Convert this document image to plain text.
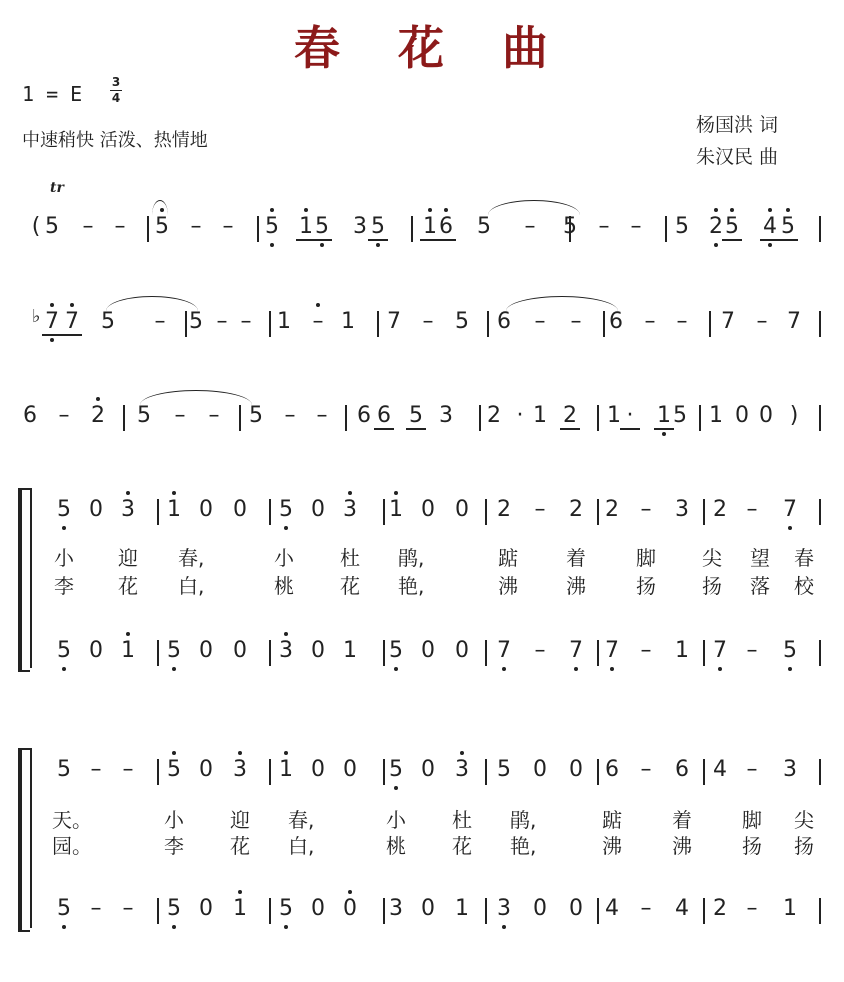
春 花 曲
1 = E 3
4
中速稍快 活泼、热情地
杨国洪 词
朱汉民 曲
tr
♭
( 5 – – 5 – – 5 1 5 3 5 1 6 5 – 5 – – 5 2 5 4 5
7 7 5 – 5 – – 1 – 1 7 – 5 6 – – 6 – – 7 – 7
6 – 2 5 – – 5 – – 6 6 5 3 2 · 1 2 1 · 1 5 1 0 0 )
5 0 3 1 0 0 5 0 3 1 0 0 2 – 2 2 – 3 2 – 7
小 迎 春,	小 杜 鹃,	踮 着	脚 尖 望 春
李 花 白,	桃 花 艳,	沸 沸	扬 扬 落 校
5 0 1 5 0 0 3 0 1 5 0 0 7 – 7 7 – 1 7 – 5
5 – – 5 0 3 1 0 0 5 0 3 5 0 0 6 – 6 4 – 3
天。	小 迎 春,	小 杜 鹃,	踮	着	脚 尖
园。	李 花 白,	桃 花 艳,	沸	沸	扬 扬
5 – – 5 0 1 5 0 0 3 0 1 3 0 0 4 – 4 2 – 1
